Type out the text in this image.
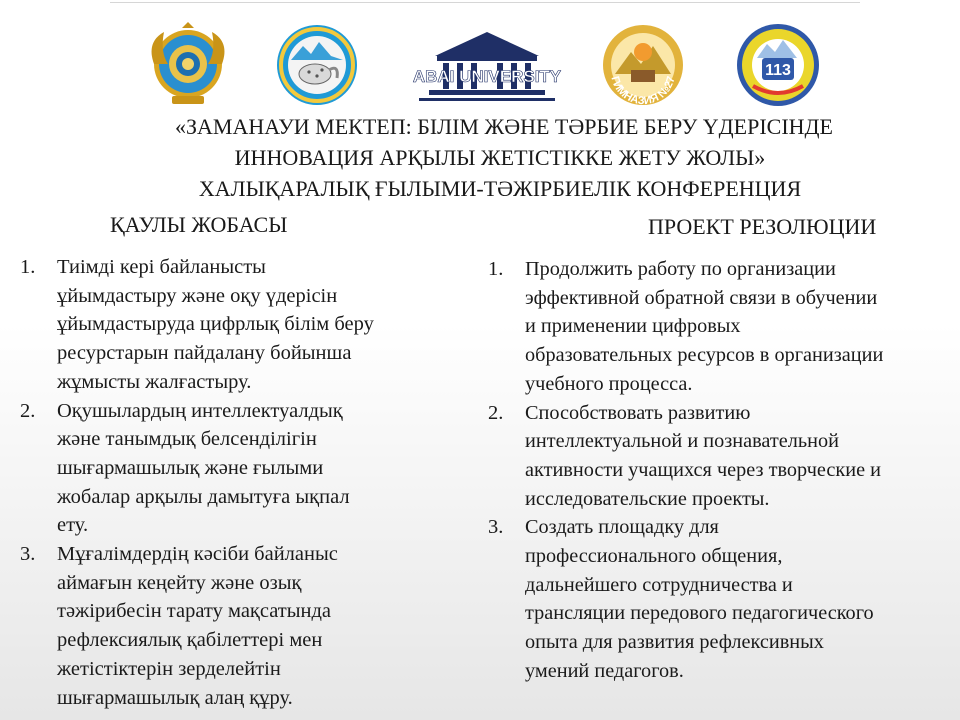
ABAI UNIVERSITY	ГИМНАЗИЯ №27
113
«ЗАМАНАУИ МЕКТЕП: БІЛІМ ЖӘНЕ ТӘРБИЕ БЕРУ ҮДЕРІСІНДЕ
ИННОВАЦИЯ АРҚЫЛЫ ЖЕТІСТІККЕ ЖЕТУ ЖОЛЫ»
ХАЛЫҚАРАЛЫҚ ҒЫЛЫМИ-ТӘЖІРБИЕЛІК КОНФЕРЕНЦИЯ
ҚАУЛЫ ЖОБАСЫ	ПРОЕКТ РЕЗОЛЮЦИИ
1. Тиімді кері байланысты
ұйымдастыру және оқу үдерісін
ұйымдастыруда цифрлық білім беру
ресурстарын пайдалану бойынша
жұмысты жалғастыру.
2. Оқушылардың интеллектуалдық
және танымдық белсенділігін
шығармашылық және ғылыми
жобалар арқылы дамытуға ықпал
ету.
3. Мұғалімдердің кәсіби байланыс
аймағын кеңейту және озық
тәжірибесін тарату мақсатында
рефлексиялық қабілеттері мен
жетістіктерін зерделейтін
шығармашылық алаң құру.
1. Продолжить работу по организации
эффективной обратной связи в обучении
и применении цифровых
образовательных ресурсов в организации
учебного процесса.
2. Способствовать развитию
интеллектуальной и познавательной
активности учащихся через творческие и
исследовательские проекты.
3. Создать площадку для
профессионального общения,
дальнейшего сотрудничества и
трансляции передового педагогического
опыта для развития рефлексивных
умений педагогов.
